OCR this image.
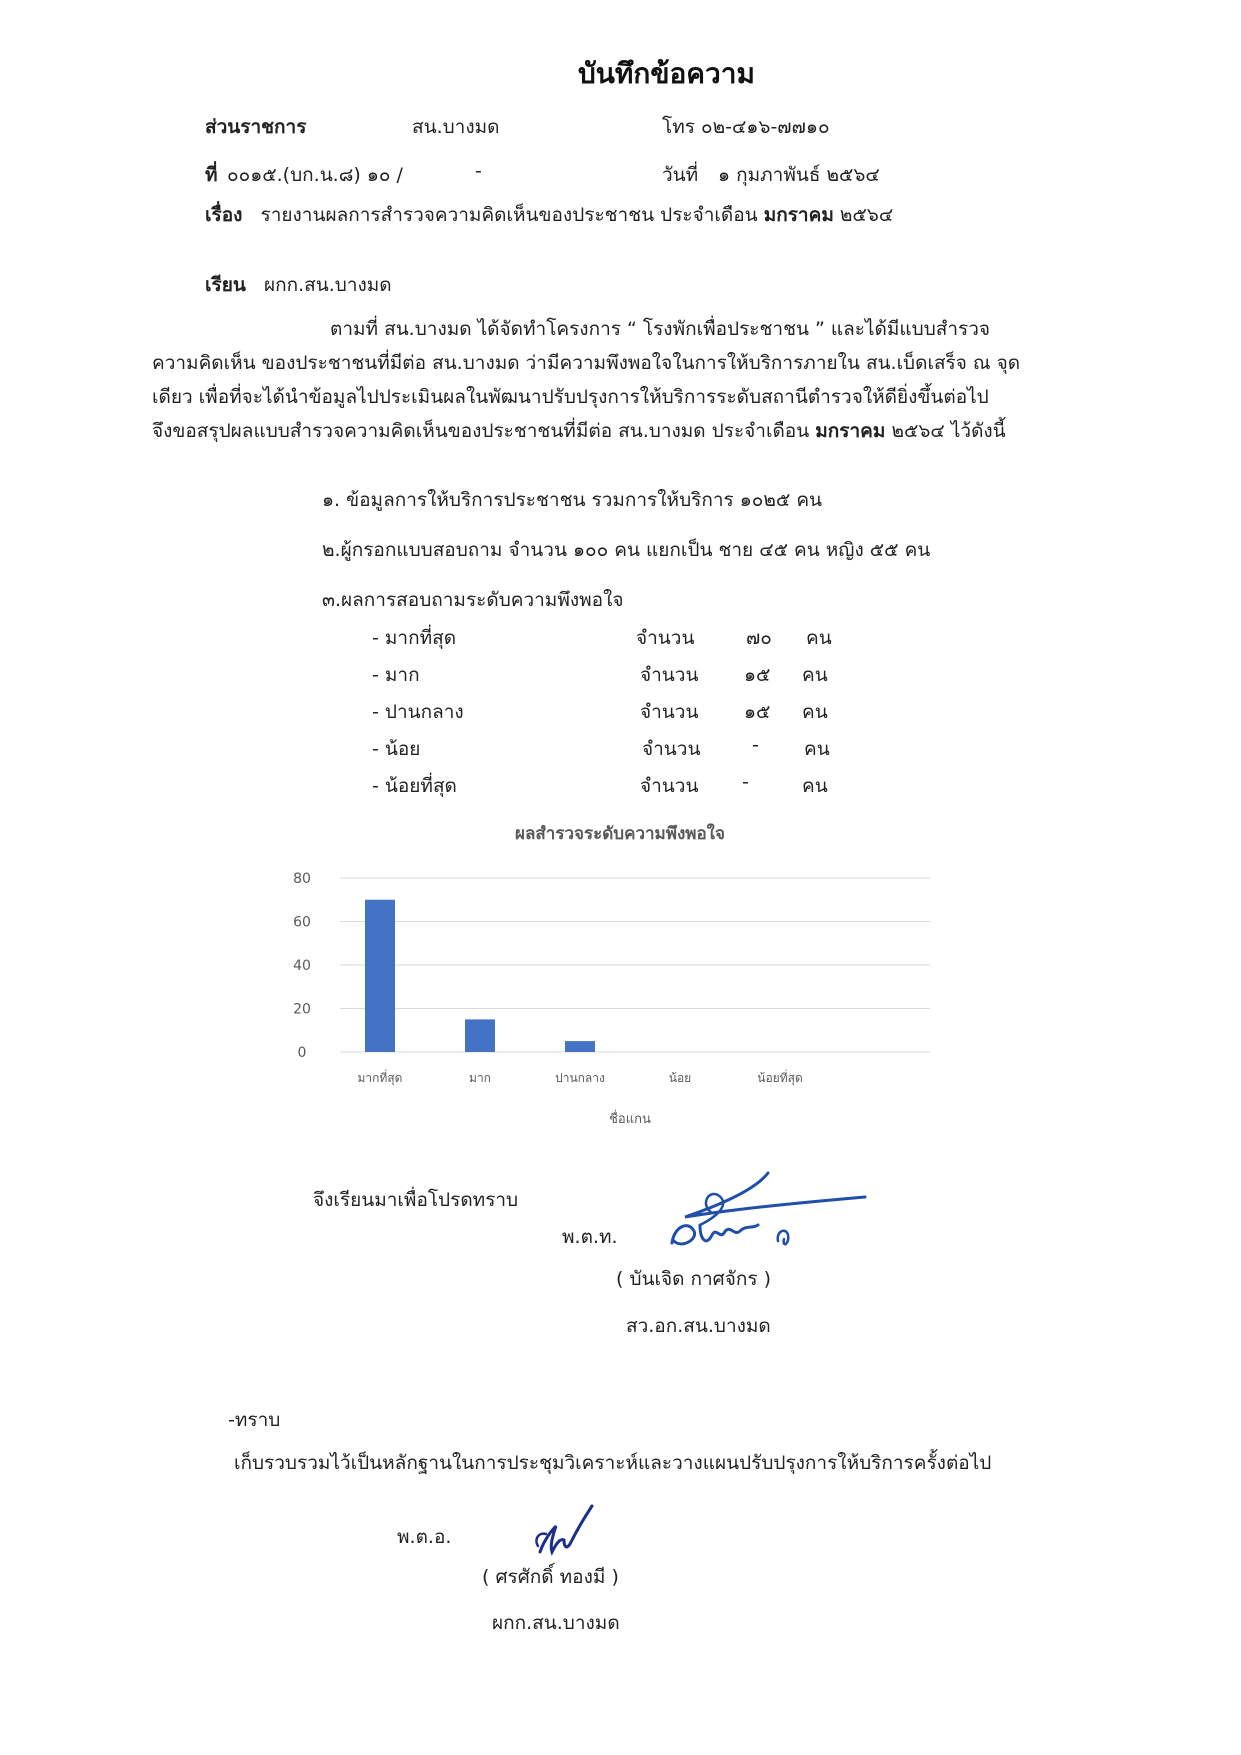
บันทึกข้อความ
ส่วนราชการ	สน.บางมด	โทร ๐๒-๔๑๖-๗๗๑๐
ที่ ๐๐๑๕.(บก.น.๘) ๑๐ /	-	วันที่ ๑ กุมภาพันธ์ ๒๕๖๔
เรื่อง รายงานผลการสำรวจความคิดเห็นของประชาชน ประจำเดือน มกราคม ๒๕๖๔
เรียน ผกก.สน.บางมด

ตามที่ สน.บางมด ได้จัดทำโครงการ “ โรงพักเพื่อประชาชน ” และได้มีแบบสำรวจ

ความคิดเห็น ของประชาชนที่มีต่อ สน.บางมด ว่ามีความพึงพอใจในการให้บริการภายใน สน.เบ็ดเสร็จ ณ จุด

เดียว เพื่อที่จะได้นำข้อมูลไปประเมินผลในพัฒนาปรับปรุงการให้บริการระดับสถานีตำรวจให้ดียิ่งขึ้นต่อไป

จึงขอสรุปผลแบบสำรวจความคิดเห็นของประชาชนที่มีต่อ สน.บางมด ประจำเดือน มกราคม ๒๕๖๔ ไว้ดังนี้

๑. ข้อมูลการให้บริการประชาชน รวมการให้บริการ ๑๐๒๕ คน
๒.ผู้กรอกแบบสอบถาม จำนวน ๑๐๐ คน แยกเป็น ชาย ๔๕ คน หญิง ๕๕ คน
๓.ผลการสอบถามระดับความพึงพอใจ
- มากที่สุด	จำนวน	๗๐ คน
- มาก	จำนวน ๑๕ คน
- ปานกลาง	จำนวน ๑๕ คน
- น้อย	จำนวน	- คน
- น้อยที่สุด	จำนวน -	คน
ผลสำรวจระดับความพึงพอใจ
0
20
40
60
80
มากที่สุด	มาก	ปานกลาง	น้อย	น้อยที่สุด
ชื่อแกน
จึงเรียนมาเพื่อโปรดทราบ
พ.ต.ท.
( บันเจิด กาศจักร )
สว.อก.สน.บางมด
-ทราบ
เก็บรวบรวมไว้เป็นหลักฐานในการประชุมวิเคราะห์และวางแผนปรับปรุงการให้บริการครั้งต่อไป
พ.ต.อ.
( ศรศักดิ์ ทองมี )
ผกก.สน.บางมด
